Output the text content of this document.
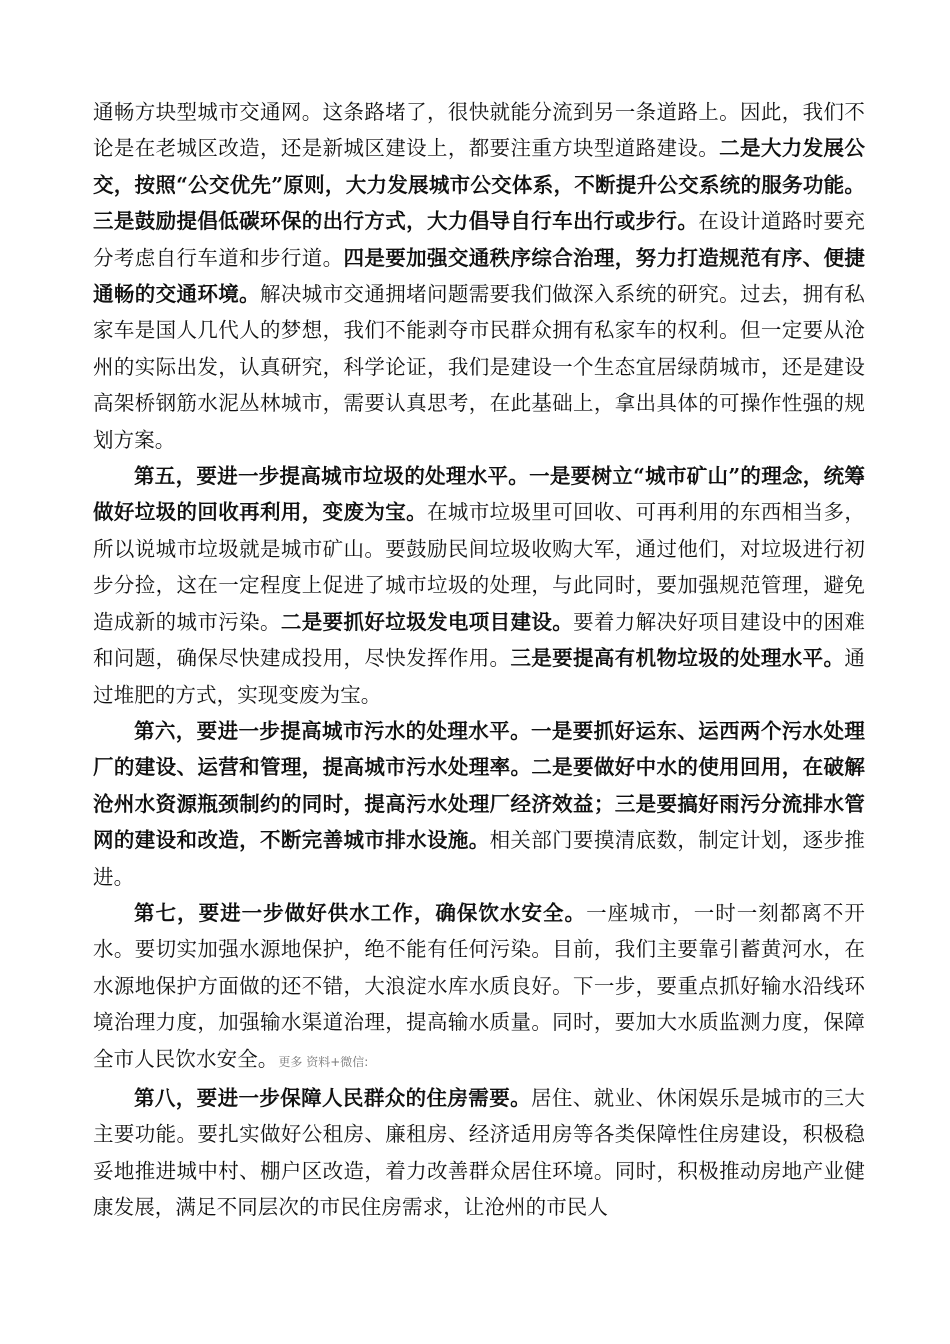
通畅方块型城市交通网。这条路堵了，很快就能分流到另一条道路上。因此，我们不论是在老城区改造，还是新城区建设上，都要注重方块型道路建设。二是大力发展公交，按照“公交优先”原则，大力发展城市公交体系，不断提升公交系统的服务功能。三是鼓励提倡低碳环保的出行方式，大力倡导自行车出行或步行。在设计道路时要充分考虑自行车道和步行道。四是要加强交通秩序综合治理，努力打造规范有序、便捷通畅的交通环境。解决城市交通拥堵问题需要我们做深入系统的研究。过去，拥有私家车是国人几代人的梦想，我们不能剥夺市民群众拥有私家车的权利。但一定要从沧州的实际出发，认真研究，科学论证，我们是建设一个生态宜居绿荫城市，还是建设高架桥钢筋水泥丛林城市，需要认真思考，在此基础上，拿出具体的可操作性强的规划方案。

第五，要进一步提高城市垃圾的处理水平。一是要树立“城市矿山”的理念，统筹做好垃圾的回收再利用，变废为宝。在城市垃圾里可回收、可再利用的东西相当多，所以说城市垃圾就是城市矿山。要鼓励民间垃圾收购大军，通过他们，对垃圾进行初步分捡，这在一定程度上促进了城市垃圾的处理，与此同时，要加强规范管理，避免造成新的城市污染。二是要抓好垃圾发电项目建设。要着力解决好项目建设中的困难和问题，确保尽快建成投用，尽快发挥作用。三是要提高有机物垃圾的处理水平。通过堆肥的方式，实现变废为宝。

第六，要进一步提高城市污水的处理水平。一是要抓好运东、运西两个污水处理厂的建设、运营和管理，提高城市污水处理率。二是要做好中水的使用回用，在破解沧州水资源瓶颈制约的同时，提高污水处理厂经济效益；三是要搞好雨污分流排水管网的建设和改造，不断完善城市排水设施。相关部门要摸清底数，制定计划，逐步推进。

第七，要进一步做好供水工作，确保饮水安全。一座城市，一时一刻都离不开水。要切实加强水源地保护，绝不能有任何污染。目前，我们主要靠引蓄黄河水，在水源地保护方面做的还不错，大浪淀水库水质良好。下一步，要重点抓好输水沿线环境治理力度，加强输水渠道治理，提高输水质量。同时，要加大水质监测力度，保障全市人民饮水安全。更多 资料+微信:

第八，要进一步保障人民群众的住房需要。居住、就业、休闲娱乐是城市的三大主要功能。要扎实做好公租房、廉租房、经济适用房等各类保障性住房建设，积极稳妥地推进城中村、棚户区改造，着力改善群众居住环境。同时，积极推动房地产业健康发展，满足不同层次的市民住房需求，让沧州的市民人
